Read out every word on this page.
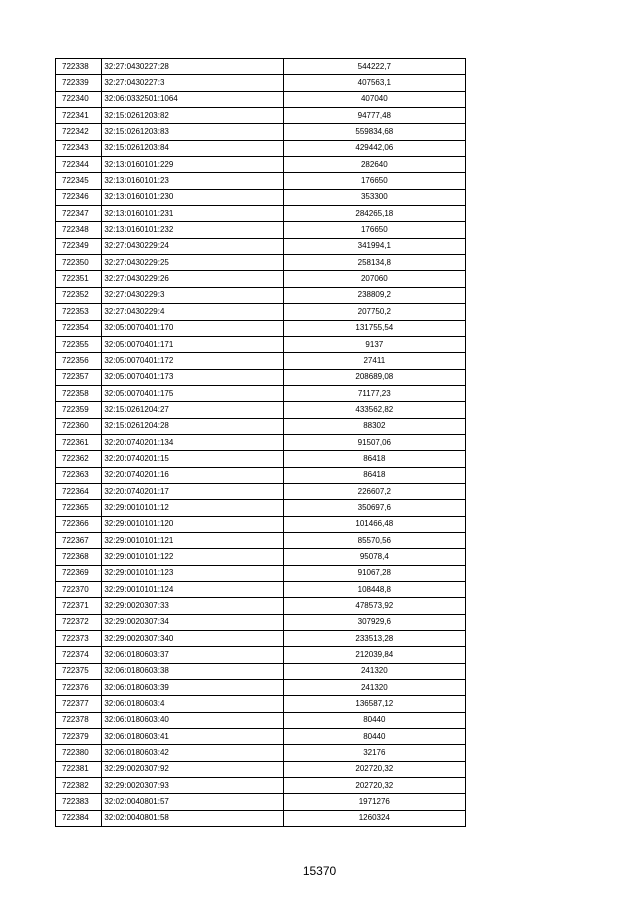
722338	32:27:0430227:28	544222,7
722339	32:27:0430227:3	407563,1
722340	32:06:0332501:1064	407040
722341	32:15:0261203:82	94777,48
722342	32:15:0261203:83	559834,68
722343	32:15:0261203:84	429442,06
722344	32:13:0160101:229	282640
722345	32:13:0160101:23	176650
722346	32:13:0160101:230	353300
722347	32:13:0160101:231	284265,18
722348	32:13:0160101:232	176650
722349	32:27:0430229:24	341994,1
722350	32:27:0430229:25	258134,8
722351	32:27:0430229:26	207060
722352	32:27:0430229:3	238809,2
722353	32:27:0430229:4	207750,2
722354	32:05:0070401:170	131755,54
722355	32:05:0070401:171	9137
722356	32:05:0070401:172	27411
722357	32:05:0070401:173	208689,08
722358	32:05:0070401:175	71177,23
722359	32:15:0261204:27	433562,82
722360	32:15:0261204:28	88302
722361	32:20:0740201:134	91507,06
722362	32:20:0740201:15	86418
722363	32:20:0740201:16	86418
722364	32:20:0740201:17	226607,2
722365	32:29:0010101:12	350697,6
722366	32:29:0010101:120	101466,48
722367	32:29:0010101:121	85570,56
722368	32:29:0010101:122	95078,4
722369	32:29:0010101:123	91067,28
722370	32:29:0010101:124	108448,8
722371	32:29:0020307:33	478573,92
722372	32:29:0020307:34	307929,6
722373	32:29:0020307:340	233513,28
722374	32:06:0180603:37	212039,84
722375	32:06:0180603:38	241320
722376	32:06:0180603:39	241320
722377	32:06:0180603:4	136587,12
722378	32:06:0180603:40	80440
722379	32:06:0180603:41	80440
722380	32:06:0180603:42	32176
722381	32:29:0020307:92	202720,32
722382	32:29:0020307:93	202720,32
722383	32:02:0040801:57	1971276
722384	32:02:0040801:58	1260324
15370
